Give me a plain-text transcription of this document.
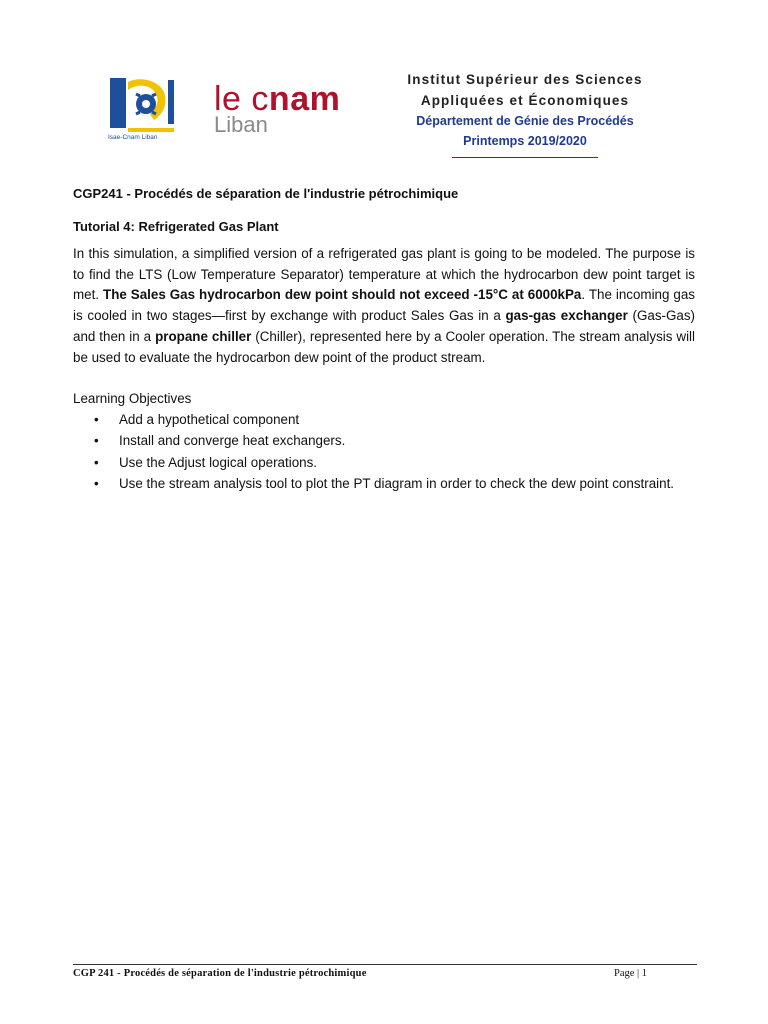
Isae-Cnam Liban
le cnam
Liban
Institut Supérieur des Sciences
Appliquées et Économiques
Département de Génie des Procédés
Printemps 2019/2020
CGP241 - Procédés de séparation de l'industrie pétrochimique
Tutorial 4: Refrigerated Gas Plant

In this simulation, a simplified version of a refrigerated gas plant is going to be modeled. The purpose is to find the LTS (Low Temperature Separator) temperature at which the hydrocarbon dew point target is met. The Sales Gas hydrocarbon dew point should not exceed -15°C at 6000kPa. The incoming gas is cooled in two stages—first by exchange with product Sales Gas in a gas-gas exchanger (Gas-Gas) and then in a propane chiller (Chiller), represented here by a Cooler operation. The stream analysis will be used to evaluate the hydrocarbon dew point of the product stream.

Learning Objectives
• Add a hypothetical component
• Install and converge heat exchangers.
• Use the Adjust logical operations.
• Use the stream analysis tool to plot the PT diagram in order to check the dew point constraint.
CGP 241 - Procédés de séparation de l'industrie pétrochimique	Page | 1
